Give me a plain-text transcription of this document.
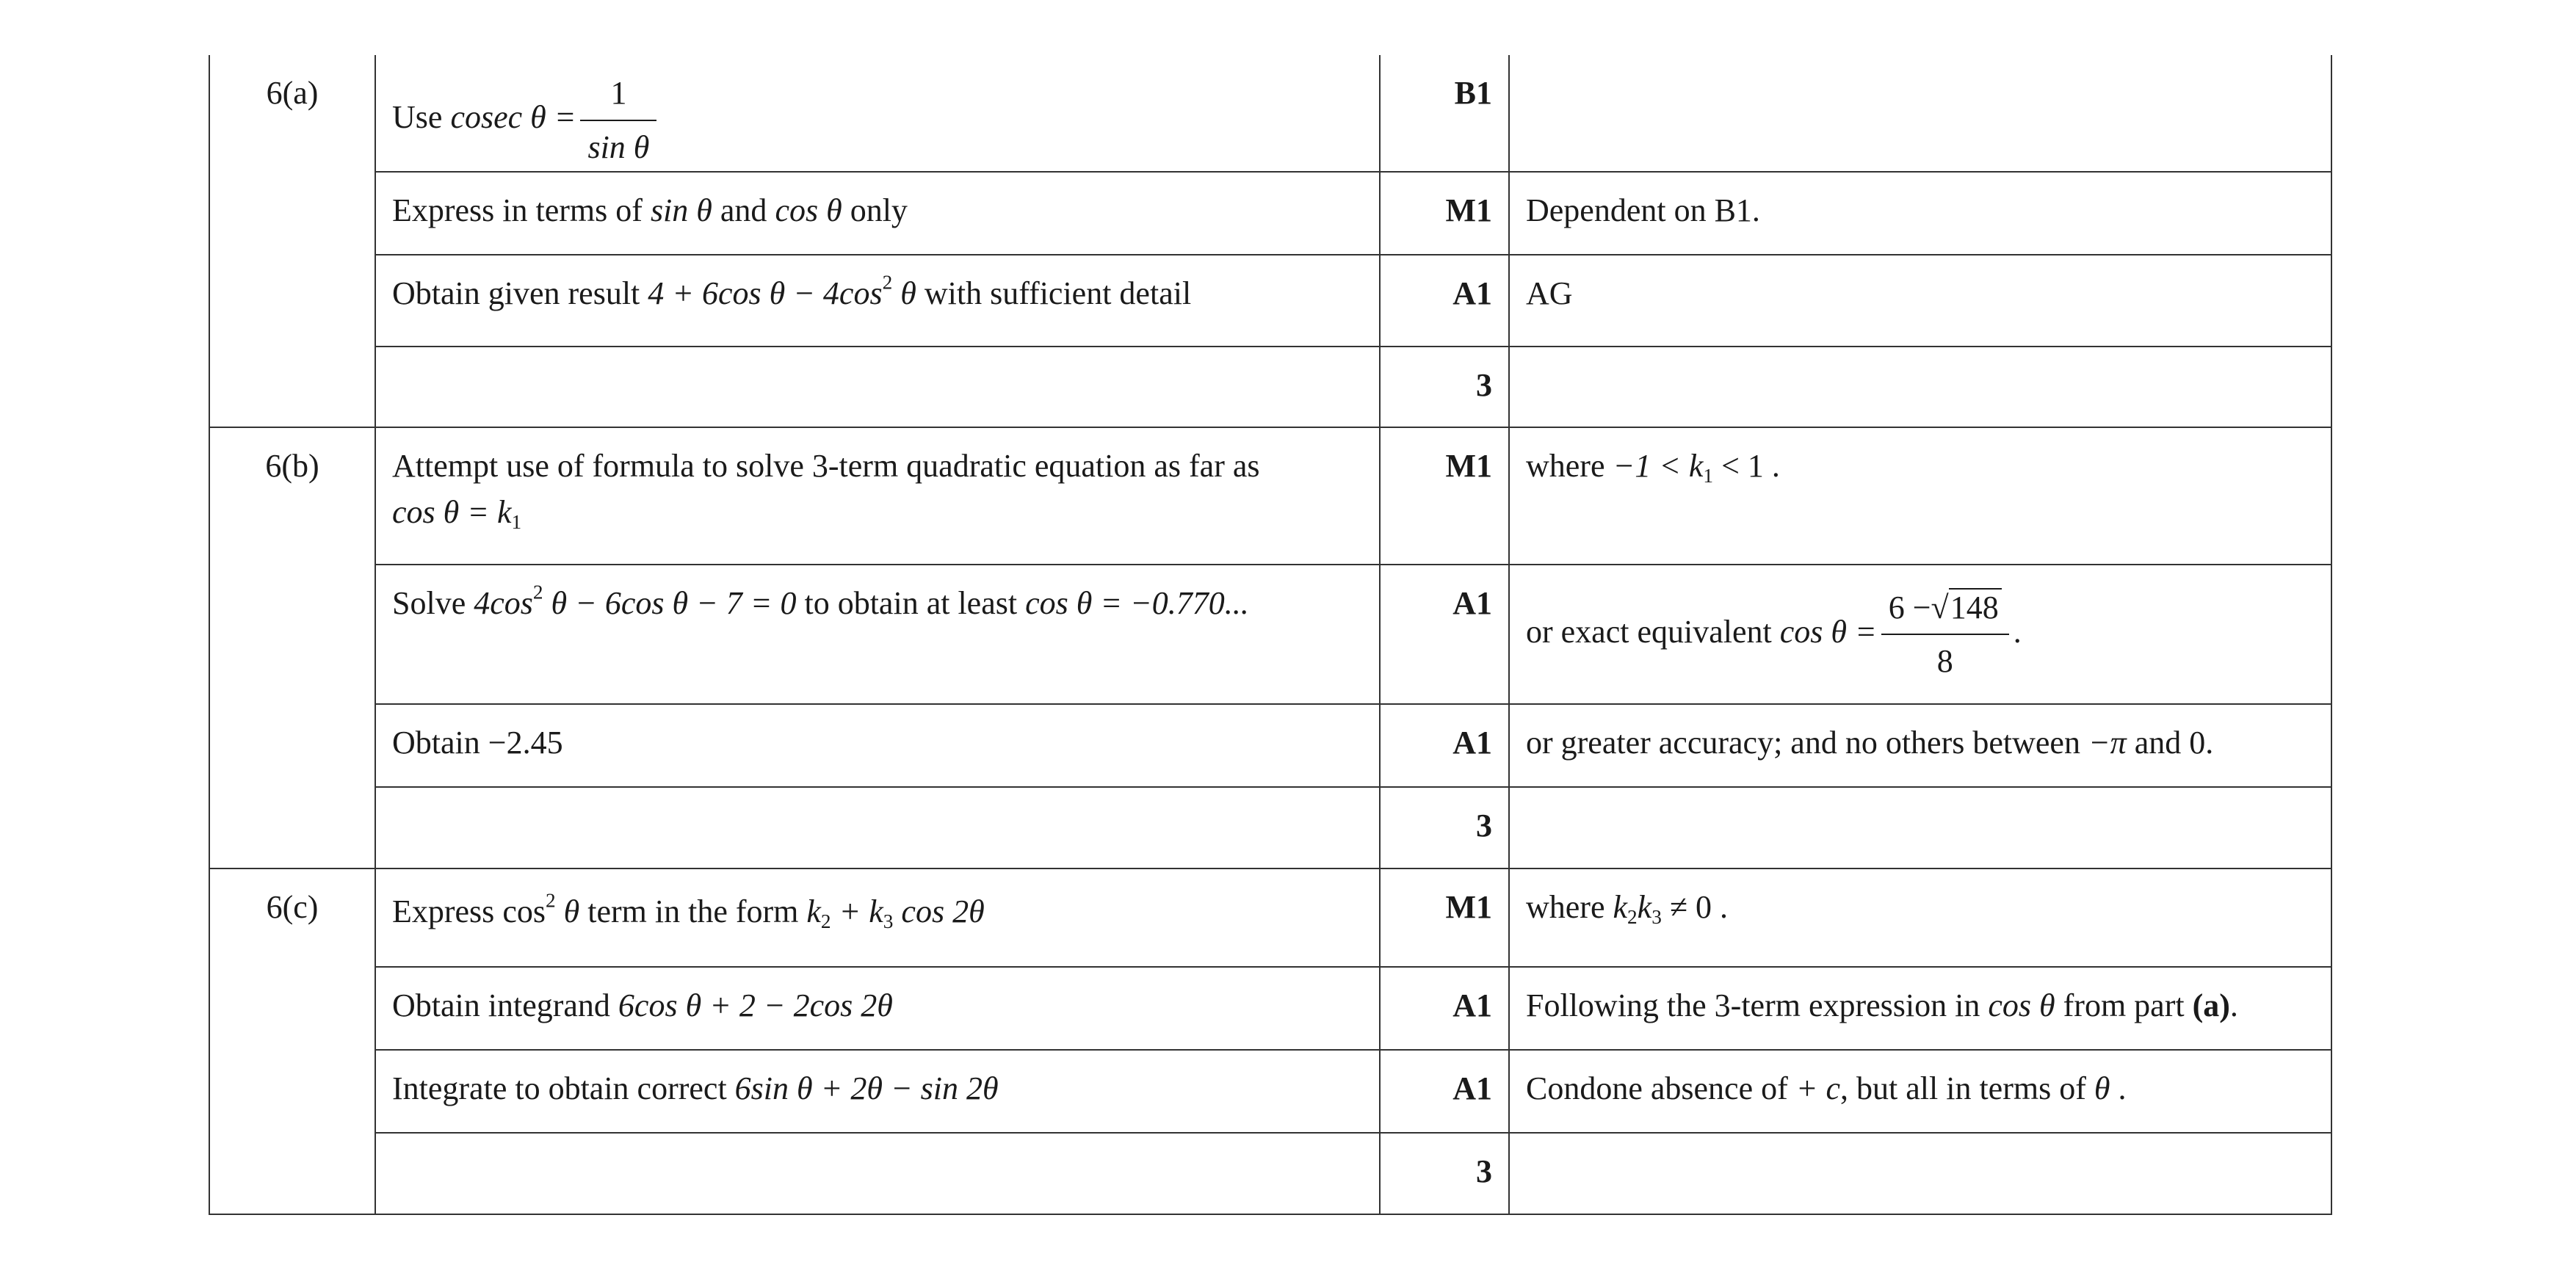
6(a)	Use cosec $\theta = \frac{1}{\text{sin θ}}$	B1	
	Express in terms of sin θ and cos θ only	M1	Dependent on B1.
	Obtain given result 4 + 6cos $\theta - 4\cos^2$ θ with sufficient detail	A1	AG
		3	
6(b)	Attempt use of formula to solve 3-term quadratic equation as far as
$\cos \theta = k_1$	M1	where $-1 < k_1 < 1$ .
	Solve $4\cos^2$ θ − 6cos θ − 7 = 0 to obtain at least cos θ = −0.770...	A1	or exact equivalent $\cos \theta = \frac{6 -√148}{8}$ .
	Obtain −2.45	A1	or greater accuracy; and no others between −π and 0.
		3	
6(c)	Express $\cos^2 \theta$ term in the form $k_2 + k_3$ cos 2θ	M1	where $k_2k_3 \ne 0$ .
	Obtain integrand 6cos θ + 2 − 2cos 2θ	A1	Following the 3-term expression in cos θ from part (a).
	Integrate to obtain correct 6sin θ + 2θ − sin 2θ	A1	Condone absence of + c, but all in terms of θ .
		3	
